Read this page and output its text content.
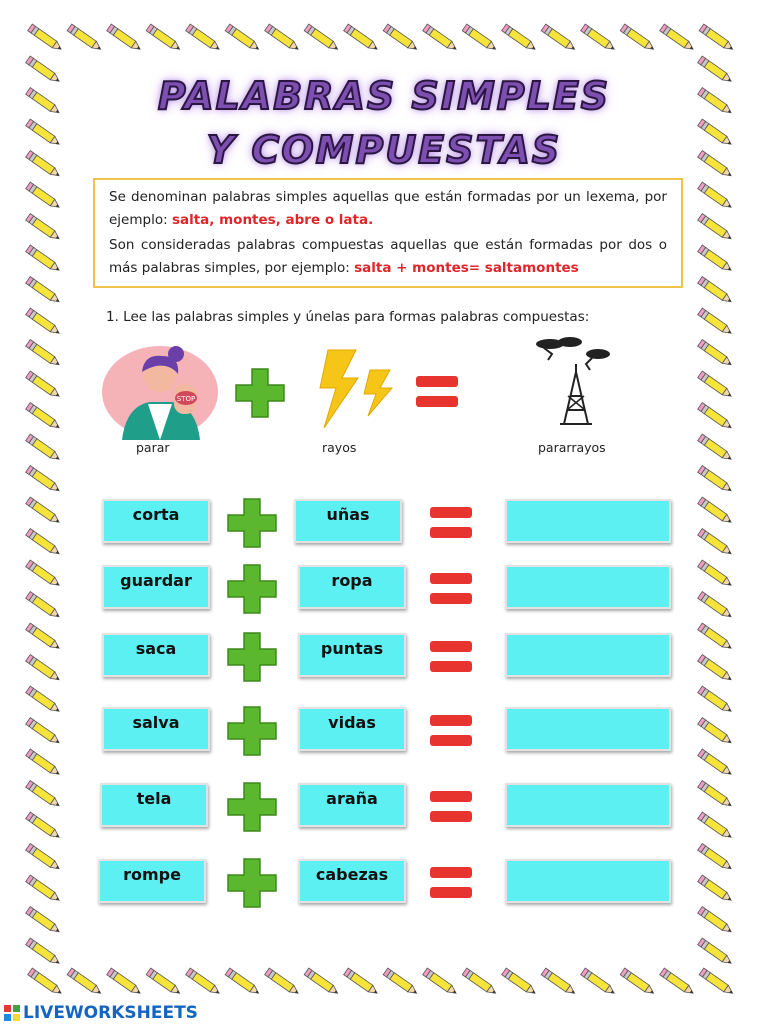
PALABRAS SIMPLES
Y COMPUESTAS

Se denominan palabras simples aquellas que están formadas por un lexema, por ejemplo: salta, montes, abre o lata.

Son consideradas palabras compuestas aquellas que están formadas por dos o más palabras simples, por ejemplo: salta + montes= saltamontes

1. Lee las palabras simples y únelas para formas palabras compuestas:
STOP
parar	rayos	pararrayos
corta	uñas
guardar	ropa
saca	puntas
salva	vidas
tela	araña
rompe	cabezas
LIVEWORKSHEETS
